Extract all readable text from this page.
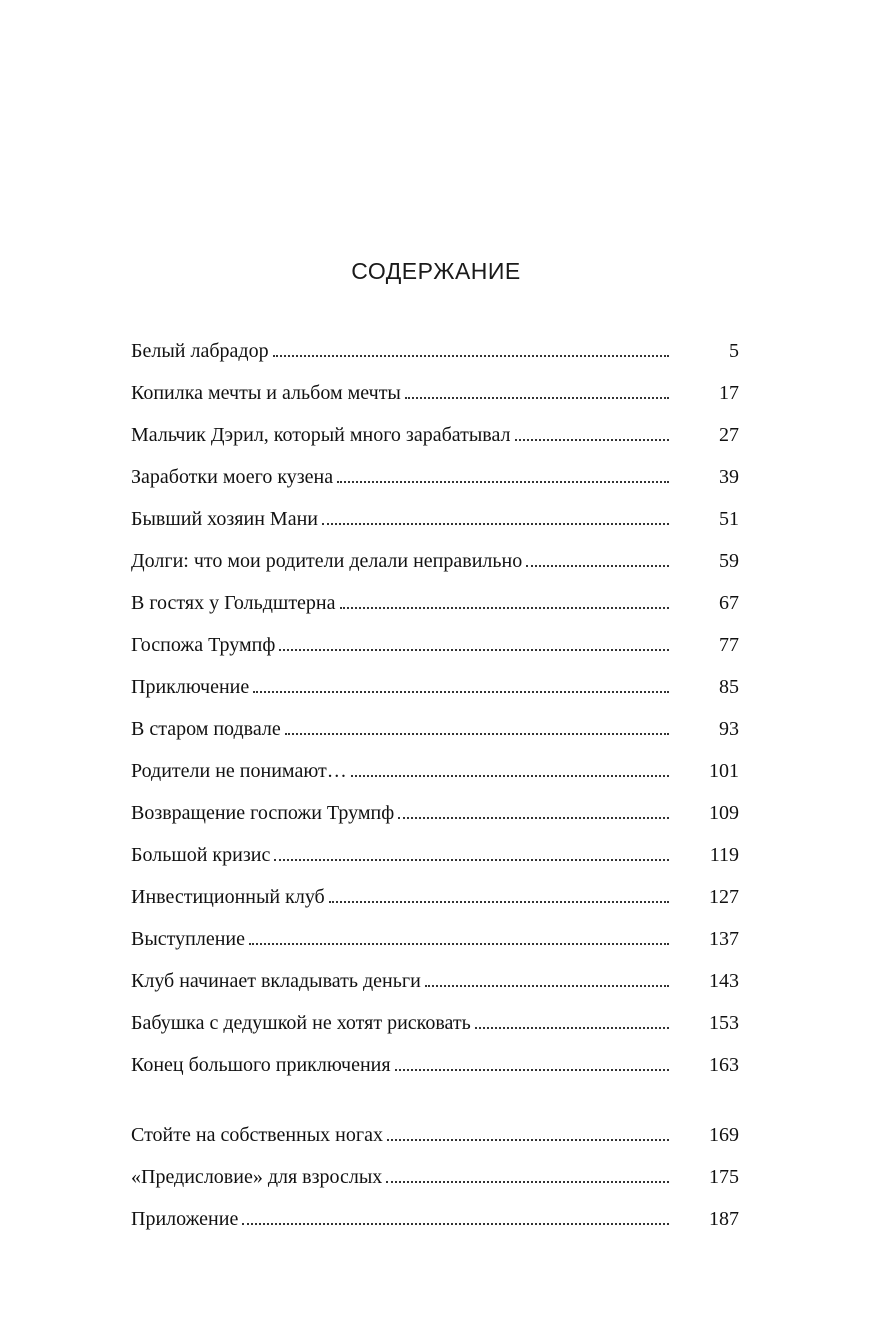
СОДЕРЖАНИЕ
Белый лабрадор	5
Копилка мечты и альбом мечты	17
Мальчик Дэрил, который много зарабатывал	27
Заработки моего кузена	39
Бывший хозяин Мани	51
Долги: что мои родители делали неправильно	59
В гостях у Гольдштерна	67
Госпожа Трумпф	77
Приключение	85
В старом подвале	93
Родители не понимают…	101
Возвращение госпожи Трумпф	109
Большой кризис	119
Инвестиционный клуб	127
Выступление	137
Клуб начинает вкладывать деньги	143
Бабушка с дедушкой не хотят рисковать	153
Конец большого приключения	163
Стойте на собственных ногах	169
«Предисловие» для взрослых	175
Приложение	187
